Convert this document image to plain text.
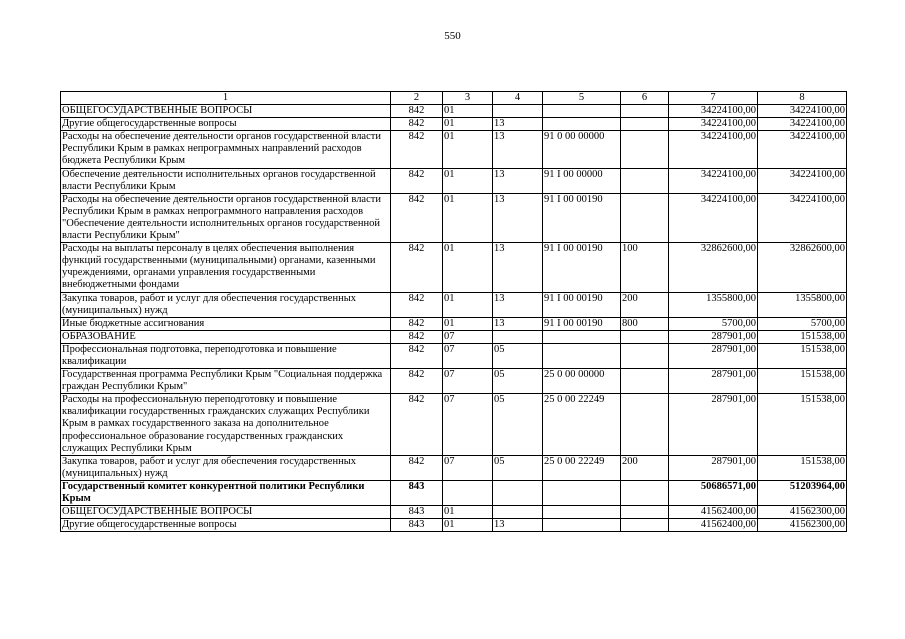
550
1	2	3	4	5	6	7	8
ОБЩЕГОСУДАРСТВЕННЫЕ ВОПРОСЫ	842	01				34224100,00	34224100,00
Другие общегосударственные вопросы	842	01	13			34224100,00	34224100,00
Расходы на обеспечение деятельности органов государственной власти Республики Крым в рамках непрограммных направлений расходов бюджета Республики Крым	842	01	13	91 0 00 00000		34224100,00	34224100,00
Обеспечение деятельности исполнительных органов государственной власти Республики Крым	842	01	13	91 I 00 00000		34224100,00	34224100,00
Расходы на обеспечение деятельности органов государственной власти Республики Крым в рамках непрограммного направления расходов "Обеспечение деятельности исполнительных органов государственной власти Республики Крым"	842	01	13	91 I 00 00190		34224100,00	34224100,00
Расходы на выплаты персоналу в целях обеспечения выполнения функций государственными (муниципальными) органами, казенными учреждениями, органами управления государственными внебюджетными фондами	842	01	13	91 I 00 00190	100	32862600,00	32862600,00
Закупка товаров, работ и услуг для обеспечения государственных (муниципальных) нужд	842	01	13	91 I 00 00190	200	1355800,00	1355800,00
Иные бюджетные ассигнования	842	01	13	91 I 00 00190	800	5700,00	5700,00
ОБРАЗОВАНИЕ	842	07				287901,00	151538,00
Профессиональная подготовка, переподготовка и повышение квалификации	842	07	05			287901,00	151538,00
Государственная программа Республики Крым "Социальная поддержка граждан Республики Крым"	842	07	05	25 0 00 00000		287901,00	151538,00
Расходы на профессиональную переподготовку и повышение квалификации государственных гражданских служащих Республики Крым в рамках государственного заказа на дополнительное профессиональное образование государственных гражданских служащих Республики Крым	842	07	05	25 0 00 22249		287901,00	151538,00
Закупка товаров, работ и услуг для обеспечения государственных (муниципальных) нужд	842	07	05	25 0 00 22249	200	287901,00	151538,00
Государственный комитет конкурентной политики Республики Крым	843					50686571,00	51203964,00
ОБЩЕГОСУДАРСТВЕННЫЕ ВОПРОСЫ	843	01				41562400,00	41562300,00
Другие общегосударственные вопросы	843	01	13			41562400,00	41562300,00
